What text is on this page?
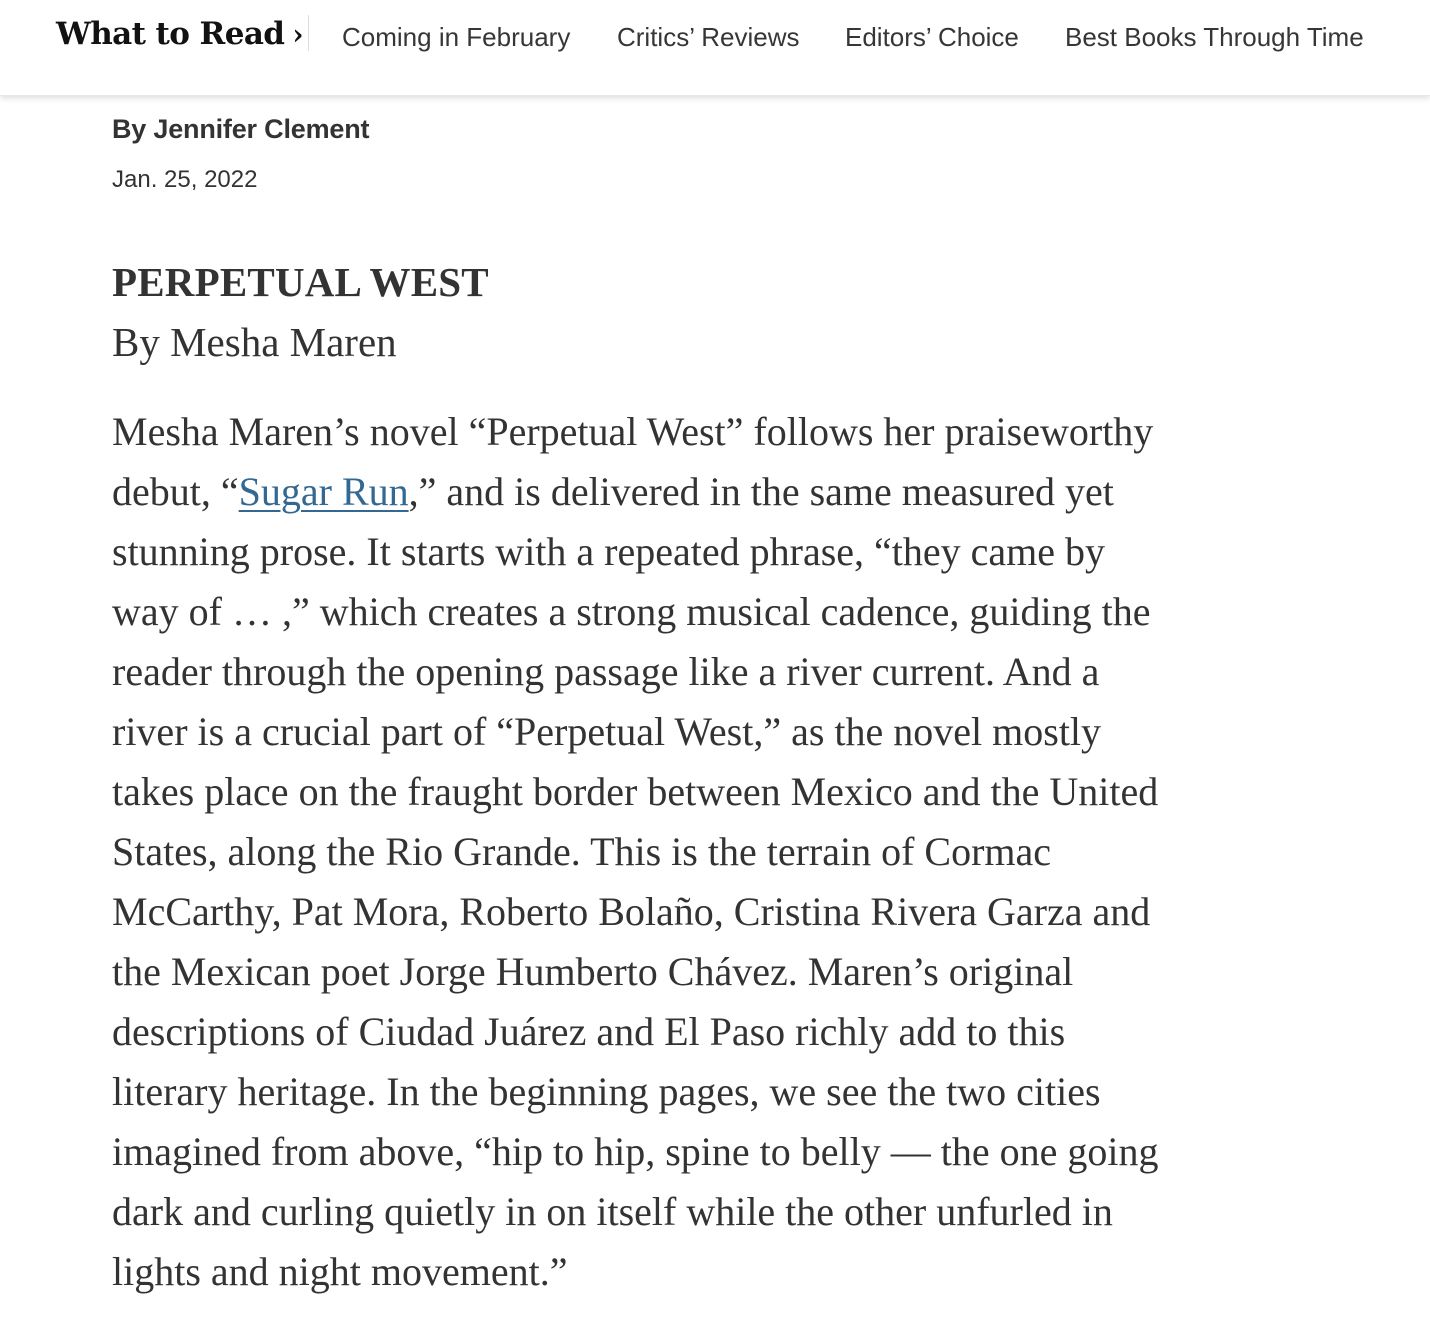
What to Read › Coming in February Critics’ Reviews Editors’ Choice Best Books Through Time
By Jennifer Clement
Jan. 25, 2022
PERPETUAL WEST
By Mesha Maren

Mesha Maren’s novel “Perpetual West” follows her praiseworthy
debut, “Sugar Run,” and is delivered in the same measured yet
stunning prose. It starts with a repeated phrase, “they came by
way of … ,” which creates a strong musical cadence, guiding the
reader through the opening passage like a river current. And a
river is a crucial part of “Perpetual West,” as the novel mostly
takes place on the fraught border between Mexico and the United
States, along the Rio Grande. This is the terrain of Cormac
McCarthy, Pat Mora, Roberto Bolaño, Cristina Rivera Garza and
the Mexican poet Jorge Humberto Chávez. Maren’s original
descriptions of Ciudad Juárez and El Paso richly add to this
literary heritage. In the beginning pages, we see the two cities
imagined from above, “hip to hip, spine to belly — the one going
dark and curling quietly in on itself while the other unfurled in
lights and night movement.”
